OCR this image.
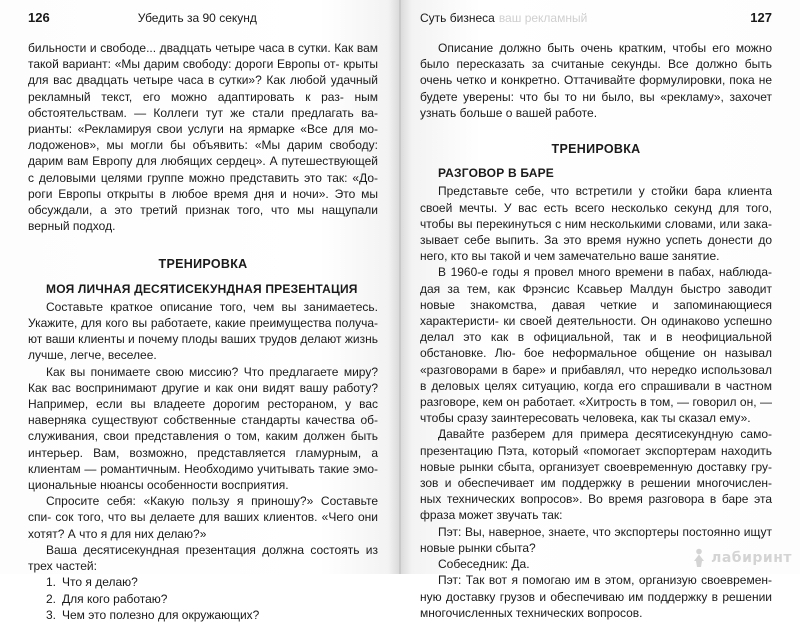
126	Убедить за 90 секунд

бильности и свободе... двадцать четыре часа в сутки. Как вам такой вариант: «Мы дарим свободу: дороги Европы от- крыты для вас двадцать четыре часа в сутки»? Как любой удачный рекламный текст, его можно адаптировать к раз- ным обстоятельствам. — Коллеги тут же стали предлагать ва- рианты: «Рекламируя свои услуги на ярмарке «Все для мо- лодоженов», мы могли бы объявить: «Мы дарим свободу: дарим вам Европу для любящих сердец». А путешествующей с деловыми целями группе можно представить это так: «До- роги Европы открыты в любое время дня и ночи». Это мы обсуждали, а это третий признак того, что мы нащупали верный подход.

ТРЕНИРОВКА
МОЯ ЛИЧНАЯ ДЕСЯТИСЕКУНДНАЯ ПРЕЗЕНТАЦИЯ

Составьте краткое описание того, чем вы занимаетесь. Укажите, для кого вы работаете, какие преимущества получа- ют ваши клиенты и почему плоды ваших трудов делают жизнь лучше, легче, веселее.

Как вы понимаете свою миссию? Что предлагаете миру? Как вас воспринимают другие и как они видят вашу работу? Например, если вы владеете дорогим рестораном, у вас наверняка существуют собственные стандарты качества об- служивания, свои представления о том, каким должен быть интерьер. Вам, возможно, представляется гламурным, а клиентам — романтичным. Необходимо учитывать такие эмо- циональные нюансы особенности восприятия.

Спросите себя: «Какую пользу я приношу?» Составьте спи- сок того, что вы делаете для ваших клиентов. «Чего они хотят? А что я для них делаю?»

Ваша десятисекундная презентация должна состоять из трех частей:

1. Что я делаю?
2. Для кого работаю?
3. Чем это полезно для окружающих?
Суть бизнеса ваш рекламный	127

Описание должно быть очень кратким, чтобы его можно было пересказать за считаные секунды. Все должно быть очень четко и конкретно. Оттачивайте формулировки, пока не будете уверены: что бы то ни было, вы «рекламу», захочет узнать больше о вашей работе.

ТРЕНИРОВКА
РАЗГОВОР В БАРЕ

Представьте себе, что встретили у стойки бара клиента своей мечты. У вас есть всего несколько секунд для того, чтобы вы перекинуться с ним несколькими словами, или зака- зывает себе выпить. За это время нужно успеть донести до него, кто вы такой и чем замечательно ваше занятие.

В 1960-е годы я провел много времени в пабах, наблюда- дая за тем, как Фрэнсис Ксавьер Малдун быстро заводит новые знакомства, давая четкие и запоминающиеся характеристи- ки своей деятельности. Он одинаково успешно делал это как в официальной, так и в неофициальной обстановке. Лю- бое неформальное общение он называл «разговорами в баре» и прибавлял, что нередко использовал в деловых целях ситуацию, когда его спрашивали в частном разговоре, кем он работает. «Хитрость в том, — говорил он, — чтобы сразу заинтересовать человека, как ты сказал ему».

Давайте разберем для примера десятисекундную само- презентацию Пэта, который «помогает экспортерам находить новые рынки сбыта, организует своевременную доставку гру- зов и обеспечивает им поддержку в решении многочислен- ных технических вопросов». Во время разговора в баре эта фраза может звучать так:

Пэт: Вы, наверное, знаете, что экспортеры постоянно ищут новые рынки сбыта?

Собеседник: Да.

Пэт: Так вот я помогаю им в этом, организую своевремен- ную доставку грузов и обеспечиваю им поддержку в решении многочисленных технических вопросов.

лабиринт
